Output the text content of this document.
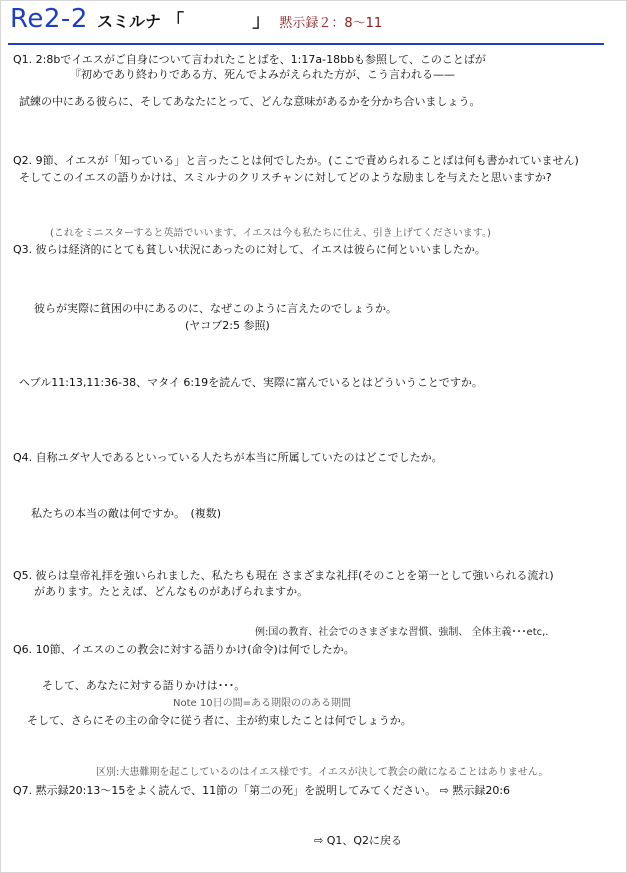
Re2-2 スミルナ 「	」 黙示録２：8〜11
Q1. 2:8bでイエスがご自身について言われたことばを、1:17a-18bbも参照して、このことばが
『初めであり終わりである方、死んでよみがえられた方が、こう言われる——
試練の中にある彼らに、そしてあなたにとって、どんな意味があるかを分かち合いましょう。
Q2. 9節、イエスが「知っている」と言ったことは何でしたか。(ここで責められることばは何も書かれていません)
そしてこのイエスの語りかけは、スミルナのクリスチャンに対してどのような励ましを与えたと思いますか?
(これをミニスターすると英語でいいます、イエスは今も私たちに仕え、引き上げてくださいます。)
Q3. 彼らは経済的にとても貧しい状況にあったのに対して、イエスは彼らに何といいましたか。
彼らが実際に貧困の中にあるのに、なぜこのように言えたのでしょうか。
(ヤコブ2:5 参照)
ヘブル11:13,11:36-38、マタイ 6:19を読んで、実際に富んでいるとはどういうことですか。
Q4. 自称ユダヤ人であるといっている人たちが本当に所属していたのはどこでしたか。
私たちの本当の敵は何ですか。　(複数)
Q5. 彼らは皇帝礼拝を強いられました、私たちも現在 さまざまな礼拝(そのことを第一として強いられる流れ)
があります。たとえば、どんなものがあげられますか。
例:国の教育、社会でのさまざまな習慣、強制、 全体主義･･･etc,.
Q6. 10節、イエスのこの教会に対する語りかけ(命令)は何でしたか。
そして、あなたに対する語りかけは･･･。
Note 10日の間=ある期限ののある期間
そして、さらにその主の命令に従う者に、主が約束したことは何でしょうか。
区別:大患難期を起こしているのはイエス様です。イエスが決して教会の敵になることはありません。
Q7. 黙示録20:13〜15をよく読んで、11節の「第二の死」を説明してみてください。 ⇨ 黙示録20:6
⇨ Q1、Q2に戻る
